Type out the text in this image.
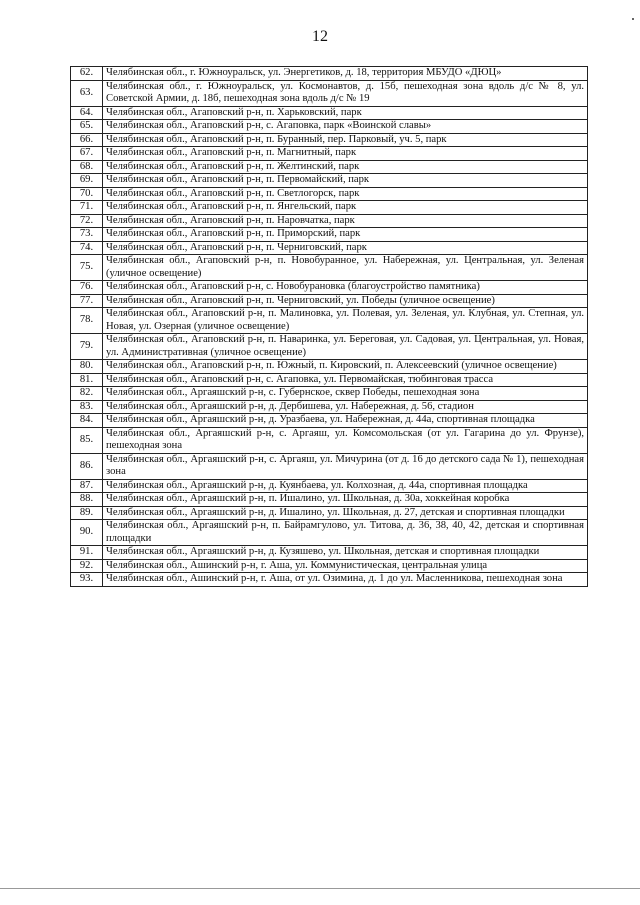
12
62.	Челябинская обл., г. Южноуральск, ул. Энергетиков, д. 18, территория МБУДО «ДЮЦ»
63.	Челябинская обл., г. Южноуральск, ул. Космонавтов, д. 15б, пешеходная зона вдоль д/с № 8, ул. Советской Армии, д. 18б, пешеходная зона вдоль д/с № 19
64.	Челябинская обл., Агаповский р-н, п. Харьковский, парк
65.	Челябинская обл., Агаповский р-н, с. Агаповка, парк «Воинской славы»
66.	Челябинская обл., Агаповский р-н, п. Буранный, пер. Парковый, уч. 5, парк
67.	Челябинская обл., Агаповский р-н, п. Магнитный, парк
68.	Челябинская обл., Агаповский р-н, п. Желтинский, парк
69.	Челябинская обл., Агаповский р-н, п. Первомайский, парк
70.	Челябинская обл., Агаповский р-н, п. Светлогорск, парк
71.	Челябинская обл., Агаповский р-н, п. Янгельский, парк
72.	Челябинская обл., Агаповский р-н, п. Наровчатка, парк
73.	Челябинская обл., Агаповский р-н, п. Приморский, парк
74.	Челябинская обл., Агаповский р-н, п. Черниговский, парк
75.	Челябинская обл., Агаповский р-н, п. Новобуранное, ул. Набережная, ул. Центральная, ул. Зеленая (уличное освещение)
76.	Челябинская обл., Агаповский р-н, с. Новобурановка (благоустройство памятника)
77.	Челябинская обл., Агаповский р-н, п. Черниговский, ул. Победы (уличное освещение)
78.	Челябинская обл., Агаповский р-н, п. Малиновка, ул. Полевая, ул. Зеленая, ул. Клубная, ул. Степная, ул. Новая, ул. Озерная (уличное освещение)
79.	Челябинская обл., Агаповский р-н, п. Наваринка, ул. Береговая, ул. Садовая, ул. Центральная, ул. Новая, ул. Административная (уличное освещение)
80.	Челябинская обл., Агаповский р-н, п. Южный, п. Кировский, п. Алексеевский (уличное освещение)
81.	Челябинская обл., Агаповский р-н, с. Агаповка, ул. Первомайская, тюбинговая трасса
82.	Челябинская обл., Аргаяшский р-н, с. Губернское, сквер Победы, пешеходная зона
83.	Челябинская обл., Аргаяшский р-н, д. Дербишева, ул. Набережная, д. 56, стадион
84.	Челябинская обл., Аргаяшский р-н, д. Уразбаева, ул. Набережная, д. 44а, спортивная площадка
85.	Челябинская обл., Аргаяшский р-н, с. Аргаяш, ул. Комсомольская (от ул. Гагарина до ул. Фрунзе), пешеходная зона
86.	Челябинская обл., Аргаяшский р-н, с. Аргаяш, ул. Мичурина (от д. 16 до детского сада № 1), пешеходная зона
87.	Челябинская обл., Аргаяшский р-н, д. Куянбаева, ул. Колхозная, д. 44а, спортивная площадка
88.	Челябинская обл., Аргаяшский р-н, п. Ишалино, ул. Школьная, д. 30а, хоккейная коробка
89.	Челябинская обл., Аргаяшский р-н, д. Ишалино, ул. Школьная, д. 27, детская и спортивная площадки
90.	Челябинская обл., Аргаяшский р-н, п. Байрамгулово, ул. Титова, д. 36, 38, 40, 42, детская и спортивная площадки
91.	Челябинская обл., Аргаяшский р-н, д. Кузяшево, ул. Школьная, детская и спортивная площадки
92.	Челябинская обл., Ашинский р-н, г. Аша, ул. Коммунистическая, центральная улица
93.	Челябинская обл., Ашинский р-н, г. Аша, от ул. Озимина, д. 1 до ул. Масленникова, пешеходная зона
